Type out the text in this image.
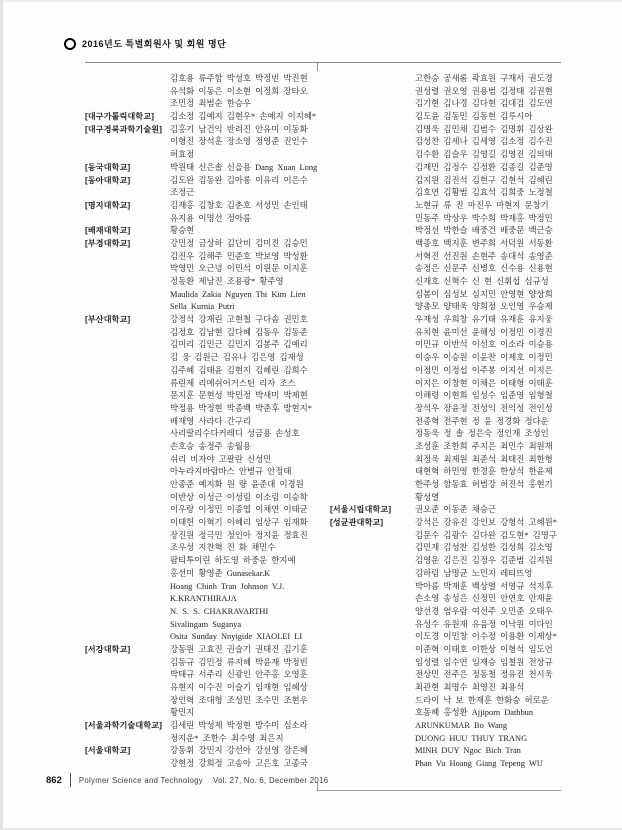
2016년도 특별회원사 및 회원 명단
김호용 류주함 박성호 박정빈 박진현
유석화 이동은 이소현 이정희 장타오
조민정 최범순 한승우
[대구가톨릭대학교]	김소정 김예지 김현우* 손예지 이지혜*
[대구경북과학기술원] 김홍기 남건익 반려진 안유미 이동화
이형진 장석훈 장소영 정영준 진인수
허효정
[동국대학교]	박원태 신은솔 신을용 Dang Xuan Long
[동아대학교]	김도완 김동완 김아롱 이유리 이은수
조정근
[명지대학교]	김재홍 김창호 김춘호 서성민 손인태
유지용 이명선 정아름
[배재대학교]	황승현
[부경대학교]	강민정 금상하 김단비 김미진 김승민
김진우 김해주 민준호 박보영 박성환
박영민 오근녕 이민석 이원문 이지훈
정동환 제남진 조용광* 황주영
Maulida Zakia Nguyen Thi Kim Lien
Sella Kurnia Putri
[부산대학교]	강정석 강재린 고현철 구다솜 권민호
김정호 김남현 김다혜 김동우 김동준
김미리 김민근 김민지 김봉주 김예리
김 웅 김원근 김유나 김은영 김재성
김주혜 김태윤 김현지 김혜린 김희수
류린제 리메쉬어거스틴 리자 조스
문지훈 문현성 박민정 박새미 박제현
박정용 박정현 박종백 박준후 방현지*
배재영 사라다 간구리
사리팔리수다커레디 성금용 손성호
손호승 송정주 송월용
쉬리 비자야 고팔란 신성민
아누라지바람바스 안병규 안정태
안종준 예지화 원 량 윤준대 이경원
이반상 이성근 이성림 이소림 이승학
이우랑 이정민 이종엽 이채연 이태균
이태헌 이혁기 이혜리 임상구 임재화
장진원 정극민 정인아 정지윤 정효진
조우성 지찬혁 진 화 채민수
팜티투이린 하도영 하중운 한지예
홍선미 황영준 Gunasekar.K
Hoang Chinh Tran Johnson V.J.
K.KRANTHIRAJA
N. S. S. CHAKRAVARTHI
Sivalingam Suganya
Osita Sunday Nnyigide XIAOLEI LI
[서강대학교]	강동원 고효진 권슬기 권태진 김기훈
김동규 김민정 류지혜 박윤재 박정빈
박태규 서주리 신광인 안주홍 오영훈
유현지 이수진 이슬기 임재현 임혜상
장인혁 조대형 조성민 조수민 조현우
황민지
[서울과학기술대학교] 김세린 박성제 박정현 방수미 심소라
정지운* 조한수 최수영 최은지
[서울대학교]	강동휘 강민지 강선아 강선영 강은혜
강현정 강희정 고송아 고은호 고종국
고한승 공새롬 곽효원 구재서 권도경
권성렬 권오영 권용범 김정태 김권현
김기현 김나경 김다현 김대검 김도연
김도윤 김동민 김동현 김루시아
김명욱 김민채 김범수 김명휘 김상완
김성찬 김세나 김세영 김소정 김수진
김수환 김슬우 김영길 김영진 김의태
김재민 김정수 김정환 김종길 김준영
김지원 김진석 김현구 김현석 김혜린
김호연 김황범 김효석 김희중 노정철
노현규 류 진 마진우 마현지 문창기
민동주 박상우 박수희 박재홍 박정민
박정선 박한슬 배중건 배중문 백근승
백종호 백지훈 변주희 서덕원 서동환
서혁진 선진원 손현주 송대석 송영준
송정은 신문주 신병호 신수용 신용현
신재호 신혁수 신 현 신휘섭 심규성
심봄이 심성보 심지민 안영현 양상희
양총모 양태욱 양희정 오인영 우승제
우재성 우희창 유기태 유재훈 유지웅
유치현 윤미선 윤해성 이정민 이경진
이민규 이반석 이선호 이소라 이승용
이승우 이승원 이윤찬 이제호 이정민
이정민 이정섭 이주봉 이지선 이지은
이지은 이창현 이채은 이태형 이태훈
이해령 이현희 임성수 임준영 임형철
장석우 장윤정 전성익 전익성 전인성
전종혁 전주현 정 윤 정경화 정다운
정동욱 정 솔 정은숙 정인재 조성인
조성훈 조한희 주지은 최민수 최원재
최정욱 최제원 최준석 최태진 최한형
태현혁 하민영 한경훈 한상석 한윤제
한주성 함동효 허범강 허진석 홍현기
황성열
[서울시립대학교]	권오준 이동준 채승근
[성균관대학교]	강석은 강유진 강인보 강형석 고혜원*
김문수 김광수 김다완 김도현* 김명구
김민재 김성찬 김성한 김성희 김소영
김영운 김은진 김정우 김준범 김지원
김하림 남명균 노민지 레티뜨엉
박아름 박재훈 백상열 서영규 석지후
손소영 송성은 신정민 안연호 안재윤
양선경 엄우람 여선주 오민준 오태우
유성수 유원재 유음정 이낙원 이다인
이도경 이민창 이수정 이용환 이제상*
이준혁 이태호 이한상 이형석 임도언
임성렬 임수연 임재승 임철원 전상규
전상민 전주은 정동철 정유진 천시욱
최관현 최명수 최영진 최용석
드라이 낙 보 한재훈 한화승 허로운
호동혜 홍성환 Ajjiporn Dathbun
ARUNKUMAR Bo Wang
DUONG HUU THUY TRANG
MINH DUY Ngoc Bich Tran
Phan Vu Hoang Giang Tepeng WU
862 Polymer Science and Technology Vol. 27, No. 6, December 2016
